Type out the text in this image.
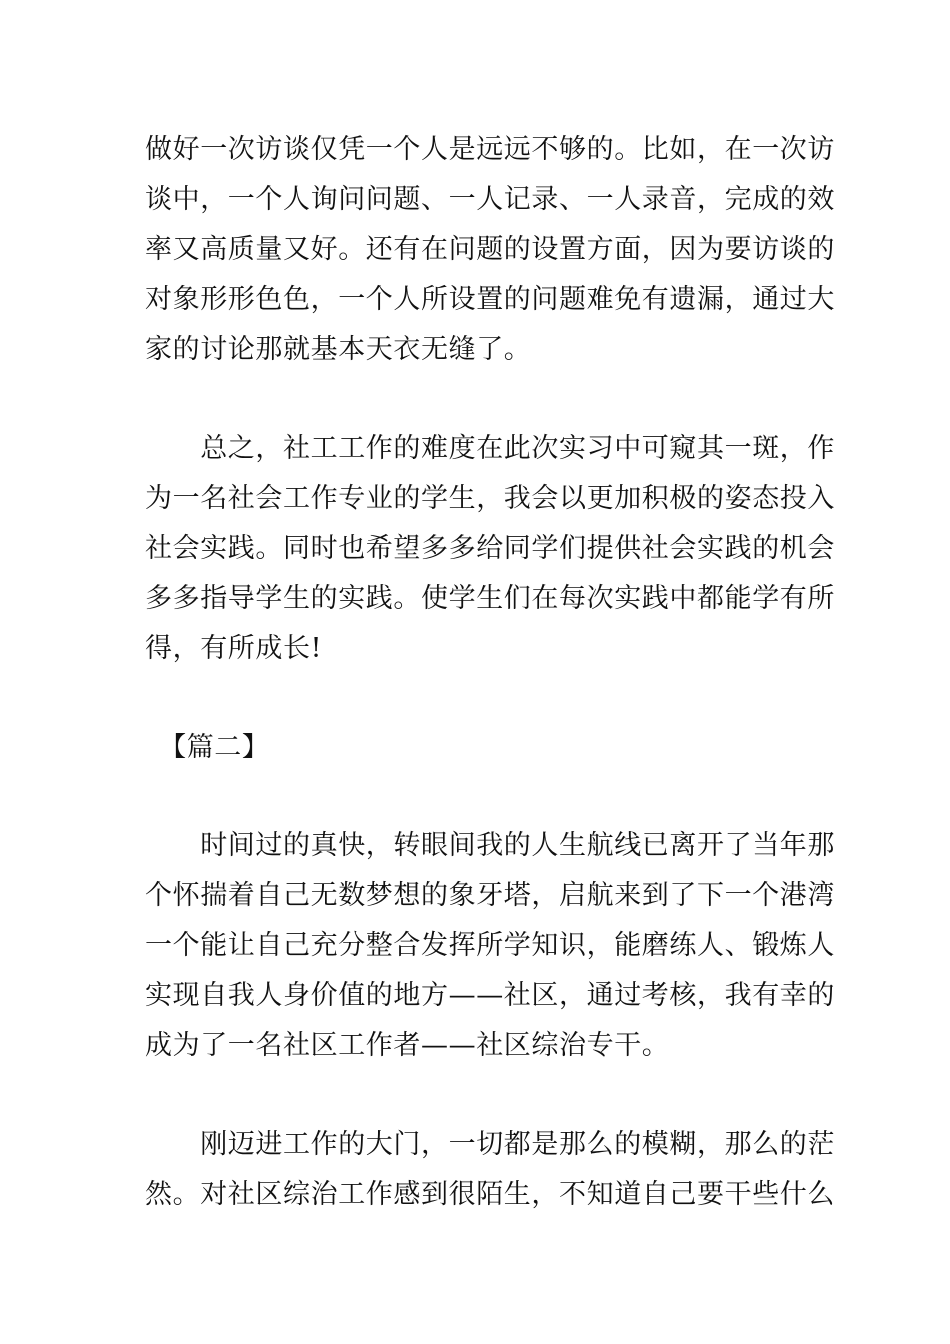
做好一次访谈仅凭一个人是远远不够的。比如，在一次访
谈中，一个人询问问题、一人记录、一人录音，完成的效
率又高质量又好。还有在问题的设置方面，因为要访谈的
对象形形色色，一个人所设置的问题难免有遗漏，通过大
家的讨论那就基本天衣无缝了。
　　总之，社工工作的难度在此次实习中可窥其一斑，作
为一名社会工作专业的学生，我会以更加积极的姿态投入
社会实践。同时也希望多多给同学们提供社会实践的机会
多多指导学生的实践。使学生们在每次实践中都能学有所
得，有所成长!
　【篇二】
　　时间过的真快，转眼间我的人生航线已离开了当年那
个怀揣着自己无数梦想的象牙塔，启航来到了下一个港湾
一个能让自己充分整合发挥所学知识，能磨练人、锻炼人
实现自我人身价值的地方——社区，通过考核，我有幸的
成为了一名社区工作者——社区综治专干。
　　刚迈进工作的大门，一切都是那么的模糊，那么的茫
然。对社区综治工作感到很陌生，不知道自己要干些什么
